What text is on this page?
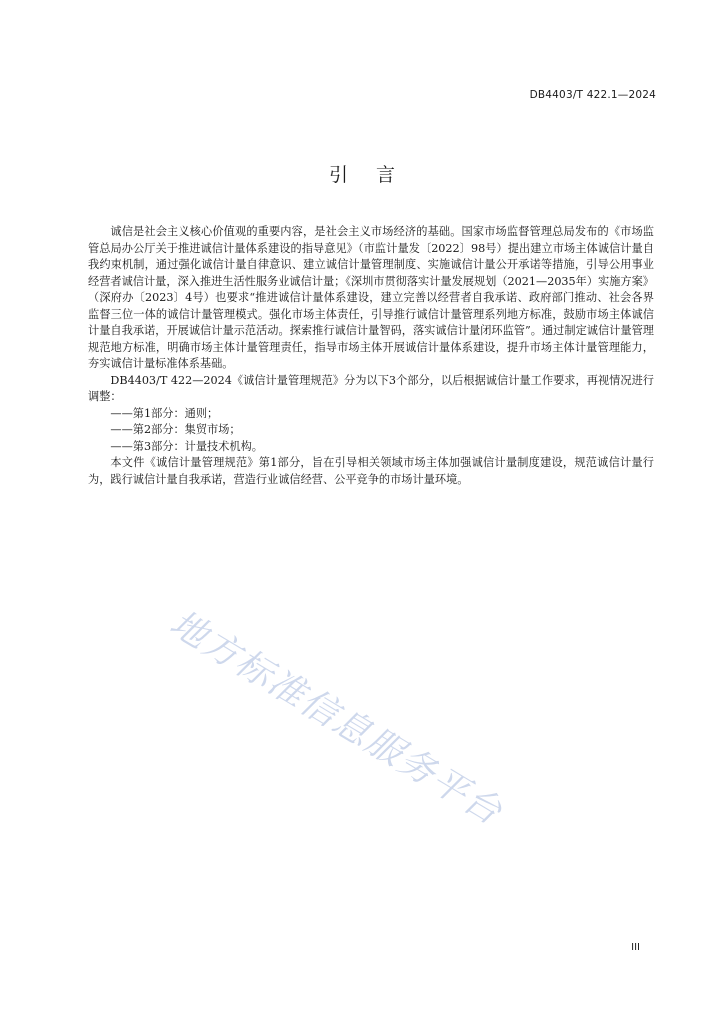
DB4403/T 422.1—2024
引言

诚信是社会主义核心价值观的重要内容，是社会主义市场经济的基础。国家市场监督管理总局发布的《市场监管总局办公厅关于推进诚信计量体系建设的指导意见》（市监计量发〔2022〕98号）提出建立市场主体诚信计量自我约束机制，通过强化诚信计量自律意识、建立诚信计量管理制度、实施诚信计量公开承诺等措施，引导公用事业经营者诚信计量，深入推进生活性服务业诚信计量；《深圳市贯彻落实计量发展规划（2021—2035年）实施方案》（深府办〔2023〕4号）也要求“推进诚信计量体系建设，建立完善以经营者自我承诺、政府部门推动、社会各界监督三位一体的诚信计量管理模式。强化市场主体责任，引导推行诚信计量管理系列地方标准，鼓励市场主体诚信计量自我承诺，开展诚信计量示范活动。探索推行诚信计量智码，落实诚信计量闭环监管”。通过制定诚信计量管理规范地方标准，明确市场主体计量管理责任，指导市场主体开展诚信计量体系建设，提升市场主体计量管理能力，夯实诚信计量标准体系基础。

DB4403/T 422—2024《诚信计量管理规范》分为以下3个部分，以后根据诚信计量工作要求，再视情况进行调整：

——第1部分：通则；

——第2部分：集贸市场；

——第3部分：计量技术机构。

本文件《诚信计量管理规范》第1部分，旨在引导相关领域市场主体加强诚信计量制度建设，规范诚信计量行为，践行诚信计量自我承诺，营造行业诚信经营、公平竞争的市场计量环境。

地方标准信息服务平台
III
